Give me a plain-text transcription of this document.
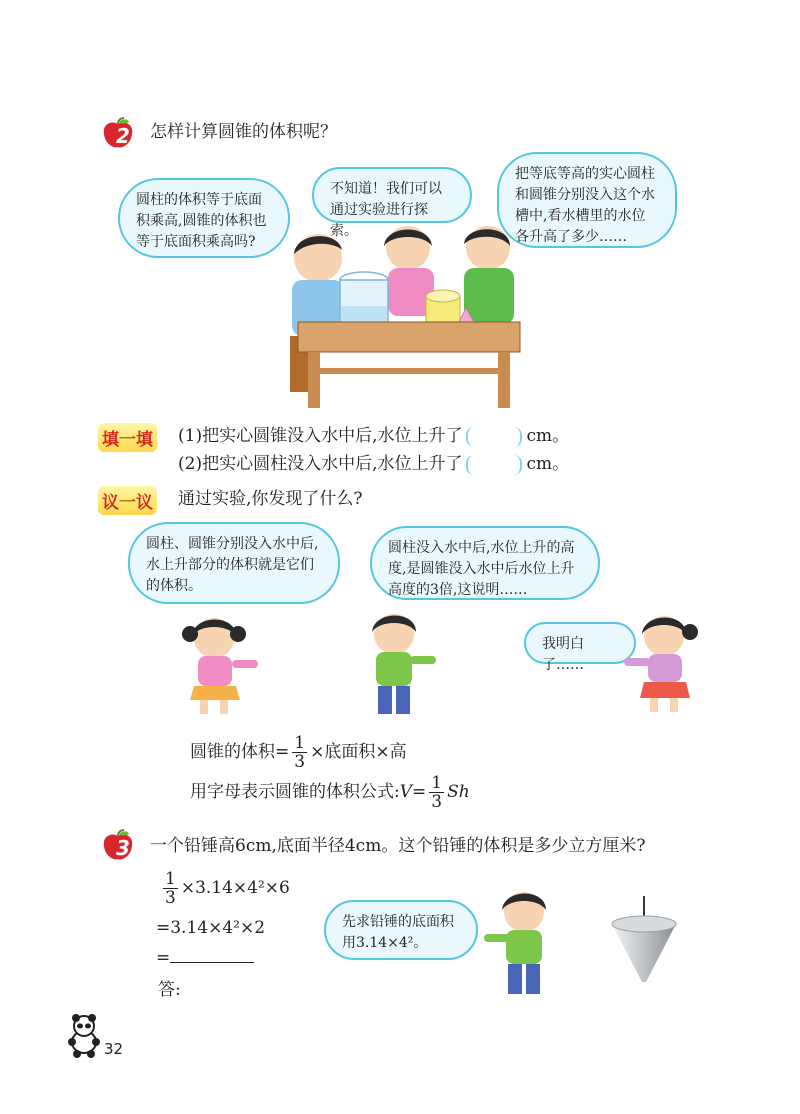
2 怎样计算圆锥的体积呢？
圆柱的体积等于底面积乘高,圆锥的体积也等于底面积乘高吗?
不知道！我们可以通过实验进行探索。
把等底等高的实心圆柱和圆锥分别没入这个水槽中,看水槽里的水位各升高了多少……
填一填 (1)把实心圆锥没入水中后,水位上升了	cm。
(2)把实心圆柱没入水中后,水位上升了	cm。
议一议 通过实验,你发现了什么?
圆柱、圆锥分别没入水中后,水上升部分的体积就是它们的体积。
圆柱没入水中后,水位上升的高度,是圆锥没入水中后水位上升高度的3倍,这说明……
我明白了……
圆锥的体积= $\frac{1}{3}$ ×底面积×高
用字母表示圆锥的体积公式:V= $\frac{1}{3}$ Sh
3 一个铅锤高6cm,底面半径4cm。这个铅锤的体积是多少立方厘米?
$\frac{1}{3} \times 3.14\times 4^2\times 6$
=3.14×4²×2
=
答:
先求铅锤的底面积用3.14×4²。
32
